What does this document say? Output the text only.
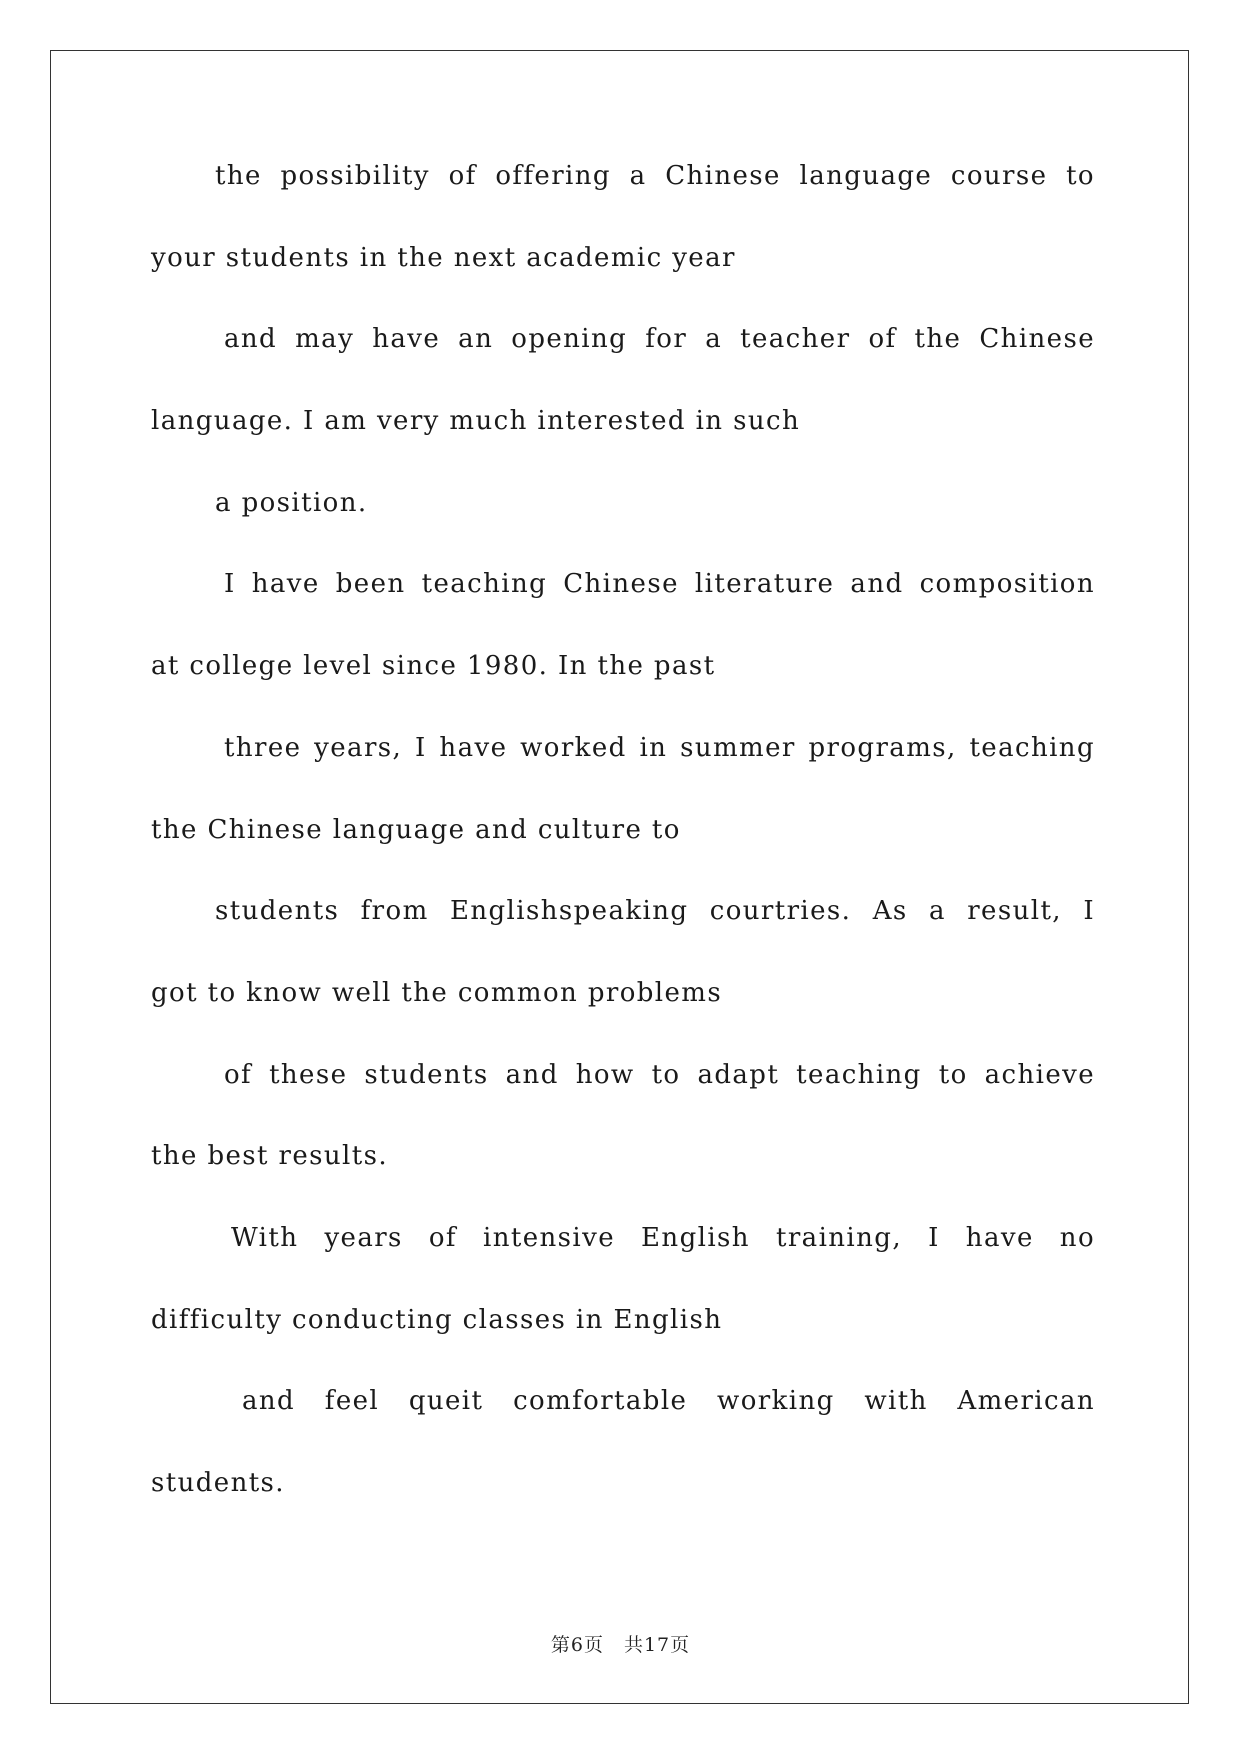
the possibility of offering a Chinese language course to
your students in the next academic year
and may have an opening for a teacher of the Chinese
language. I am very much interested in such
a position.
I have been teaching Chinese literature and composition
at college level since 1980. In the past
three years, I have worked in summer programs, teaching
the Chinese language and culture to
students from Englishspeaking courtries. As a result, I
got to know well the common problems
of these students and how to adapt teaching to achieve
the best results.
With years of intensive English training, I have no
difficulty conducting classes in English
and feel queit comfortable working with American
students.
第6页　共17页
